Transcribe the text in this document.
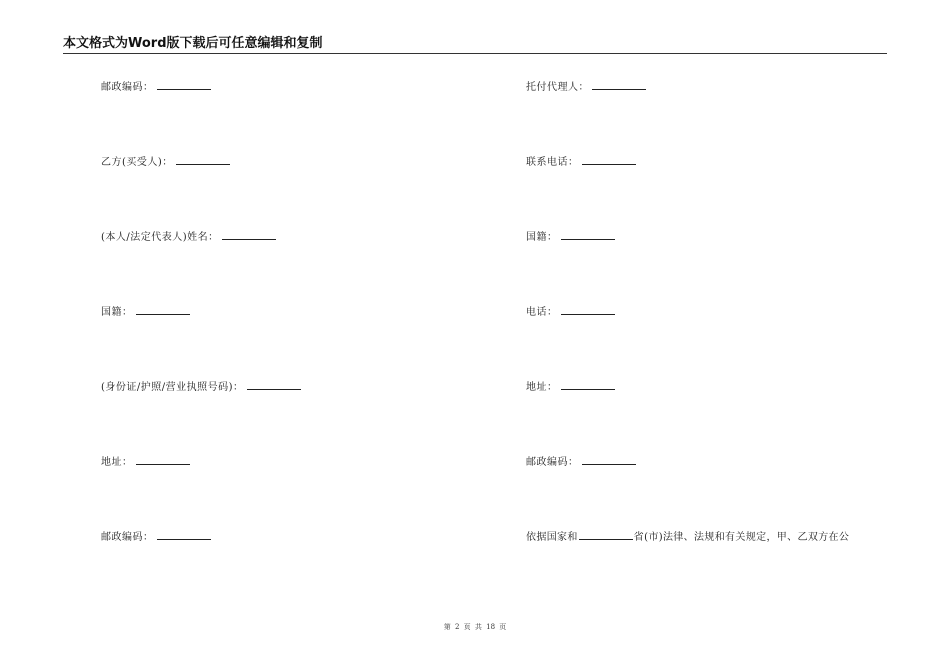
本文格式为Word版下载后可任意编辑和复制
邮政编码：
乙方(买受人)：
(本人/法定代表人)姓名：
国籍：
(身份证/护照/营业执照号码)：
地址：
邮政编码：
托付代理人：
联系电话：
国籍：
电话：
地址：
邮政编码：
依据国家和	省(市)法律、法规和有关规定，甲、乙双方在公
第 2 页 共 18 页
